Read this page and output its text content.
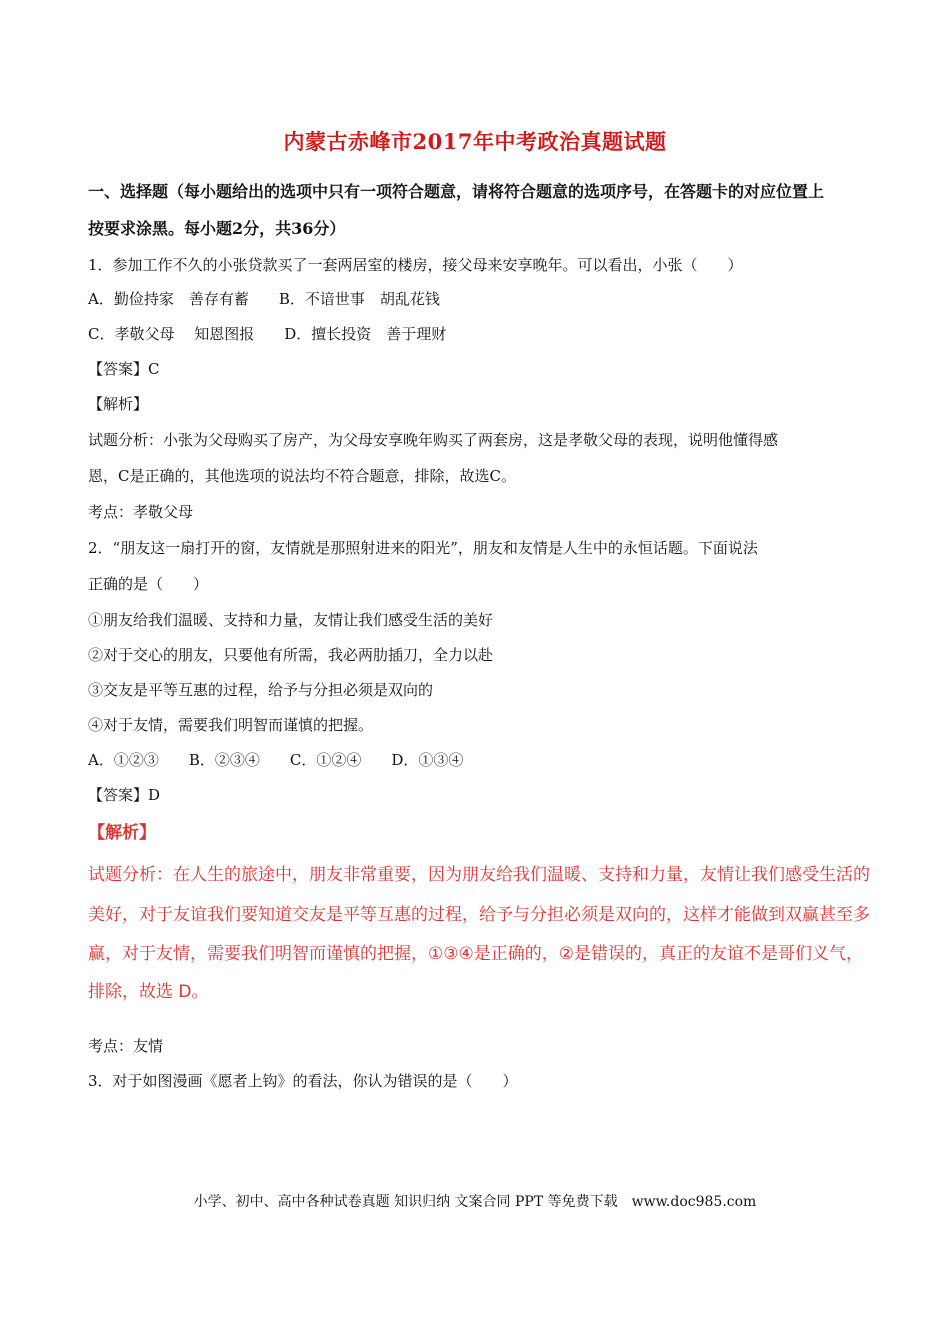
内蒙古赤峰市2017年中考政治真题试题
一、选择题（每小题给出的选项中只有一项符合题意，请将符合题意的选项序号，在答题卡的对应位置上
按要求涂黑。每小题2分，共36分）
1．参加工作不久的小张贷款买了一套两居室的楼房，接父母来安享晚年。可以看出，小张（　　）
A．勤俭持家　善存有蓄　　B．不谙世事　胡乱花钱
C．孝敬父母　 知恩图报　　D．擅长投资　善于理财
【答案】C
【解析】
试题分析：小张为父母购买了房产，为父母安享晚年购买了两套房，这是孝敬父母的表现，说明他懂得感
恩，C是正确的，其他选项的说法均不符合题意，排除，故选C。
考点：孝敬父母
2．“朋友这一扇打开的窗，友情就是那照射进来的阳光”，朋友和友情是人生中的永恒话题。下面说法
正确的是（　　）
①朋友给我们温暖、支持和力量，友情让我们感受生活的美好
②对于交心的朋友，只要他有所需，我必两肋插刀，全力以赴
③交友是平等互惠的过程，给予与分担必须是双向的
④对于友情，需要我们明智而谨慎的把握。
A．①②③　　B．②③④　　C．①②④　　D．①③④
【答案】D
【解析】
试题分析：在人生的旅途中，朋友非常重要，因为朋友给我们温暖、支持和力量，友情让我们感受生活的
美好，对于友谊我们要知道交友是平等互惠的过程，给予与分担必须是双向的，这样才能做到双赢甚至多
赢，对于友情，需要我们明智而谨慎的把握，①③④是正确的，②是错误的，真正的友谊不是哥们义气，
排除，故选 D。
考点：友情
3．对于如图漫画《愿者上钩》的看法，你认为错误的是（　　）
小学、初中、高中各种试卷真题 知识归纳 文案合同 PPT 等免费下载　www.doc985.com
